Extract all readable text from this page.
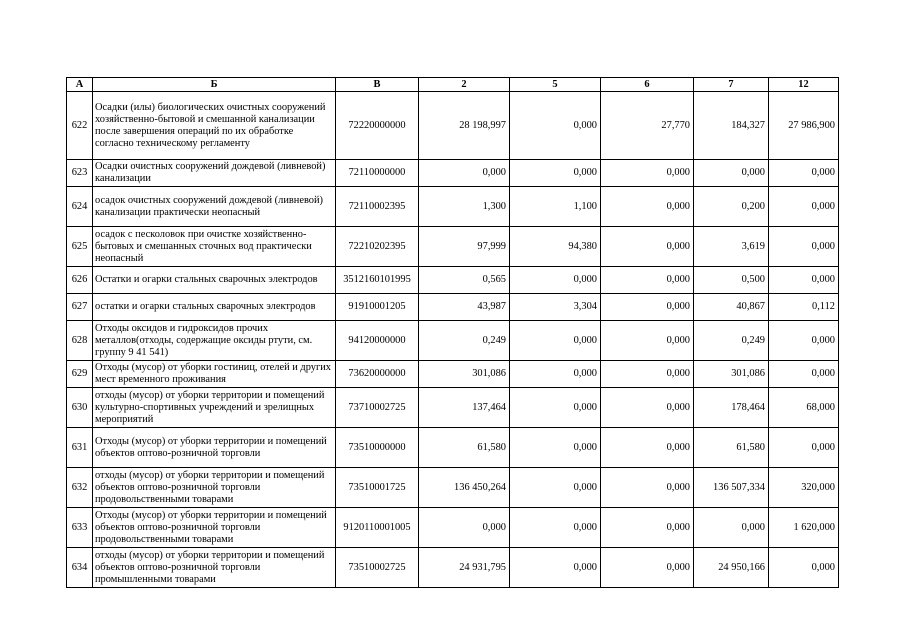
А	Б	В	2	5	6	7	12
622	Осадки (илы) биологических очистных сооружений хозяйственно-бытовой и смешанной канализации после завершения операций по их обработке согласно техническому регламенту	72220000000	28 198,997	0,000	27,770	184,327	27 986,900
623	Осадки очистных сооружений дождевой (ливневой) канализации	72110000000	0,000	0,000	0,000	0,000	0,000
624	осадок очистных сооружений дождевой (ливневой) канализации практически неопасный	72110002395	1,300	1,100	0,000	0,200	0,000
625	осадок с песколовок при очистке хозяйственно-бытовых и смешанных сточных вод практически неопасный	72210202395	97,999	94,380	0,000	3,619	0,000
626	Остатки и огарки стальных сварочных электродов	3512160101995	0,565	0,000	0,000	0,500	0,000
627	остатки и огарки стальных сварочных электродов	91910001205	43,987	3,304	0,000	40,867	0,112
628	Отходы оксидов и гидроксидов прочих металлов(отходы, содержащие оксиды ртути, см. группу 9 41 541)	94120000000	0,249	0,000	0,000	0,249	0,000
629	Отходы (мусор) от уборки гостиниц, отелей и других мест временного проживания	73620000000	301,086	0,000	0,000	301,086	0,000
630	отходы (мусор) от уборки территории и помещений культурно-спортивных учреждений и зрелищных мероприятий	73710002725	137,464	0,000	0,000	178,464	68,000
631	Отходы (мусор) от уборки территории и помещений объектов оптово-розничной торговли	73510000000	61,580	0,000	0,000	61,580	0,000
632	отходы (мусор) от уборки территории и помещений объектов оптово-розничной торговли продовольственными товарами	73510001725	136 450,264	0,000	0,000	136 507,334	320,000
633	Отходы (мусор) от уборки территории и помещений объектов оптово-розничной торговли продовольственными товарами	9120110001005	0,000	0,000	0,000	0,000	1 620,000
634	отходы (мусор) от уборки территории и помещений объектов оптово-розничной торговли промышленными товарами	73510002725	24 931,795	0,000	0,000	24 950,166	0,000
